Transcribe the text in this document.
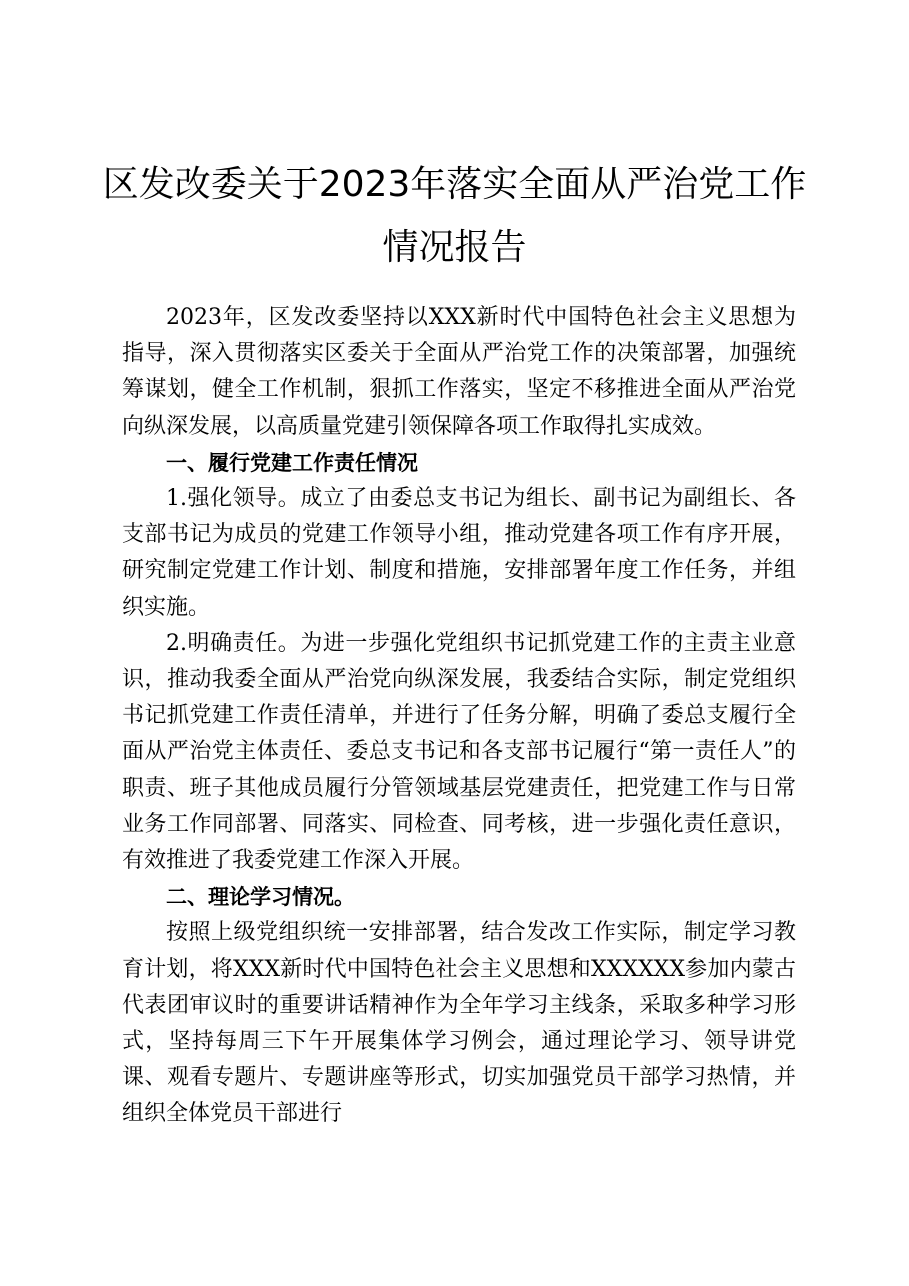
区发改委关于2023年落实全面从严治党工作
情况报告

2023年，区发改委坚持以XXX新时代中国特色社会主义思想为指导，深入贯彻落实区委关于全面从严治党工作的决策部署，加强统筹谋划，健全工作机制，狠抓工作落实，坚定不移推进全面从严治党向纵深发展，以高质量党建引领保障各项工作取得扎实成效。

一、履行党建工作责任情况

1.强化领导。成立了由委总支书记为组长、副书记为副组长、各支部书记为成员的党建工作领导小组，推动党建各项工作有序开展，研究制定党建工作计划、制度和措施，安排部署年度工作任务，并组织实施。

2.明确责任。为进一步强化党组织书记抓党建工作的主责主业意识，推动我委全面从严治党向纵深发展，我委结合实际，制定党组织书记抓党建工作责任清单，并进行了任务分解，明确了委总支履行全面从严治党主体责任、委总支书记和各支部书记履行“第一责任人”的职责、班子其他成员履行分管领域基层党建责任，把党建工作与日常业务工作同部署、同落实、同检查、同考核，进一步强化责任意识，有效推进了我委党建工作深入开展。

二、理论学习情况。

按照上级党组织统一安排部署，结合发改工作实际，制定学习教育计划，将XXX新时代中国特色社会主义思想和XXXXXX参加内蒙古代表团审议时的重要讲话精神作为全年学习主线条，采取多种学习形式，坚持每周三下午开展集体学习例会，通过理论学习、领导讲党课、观看专题片、专题讲座等形式，切实加强党员干部学习热情，并组织全体党员干部进行
